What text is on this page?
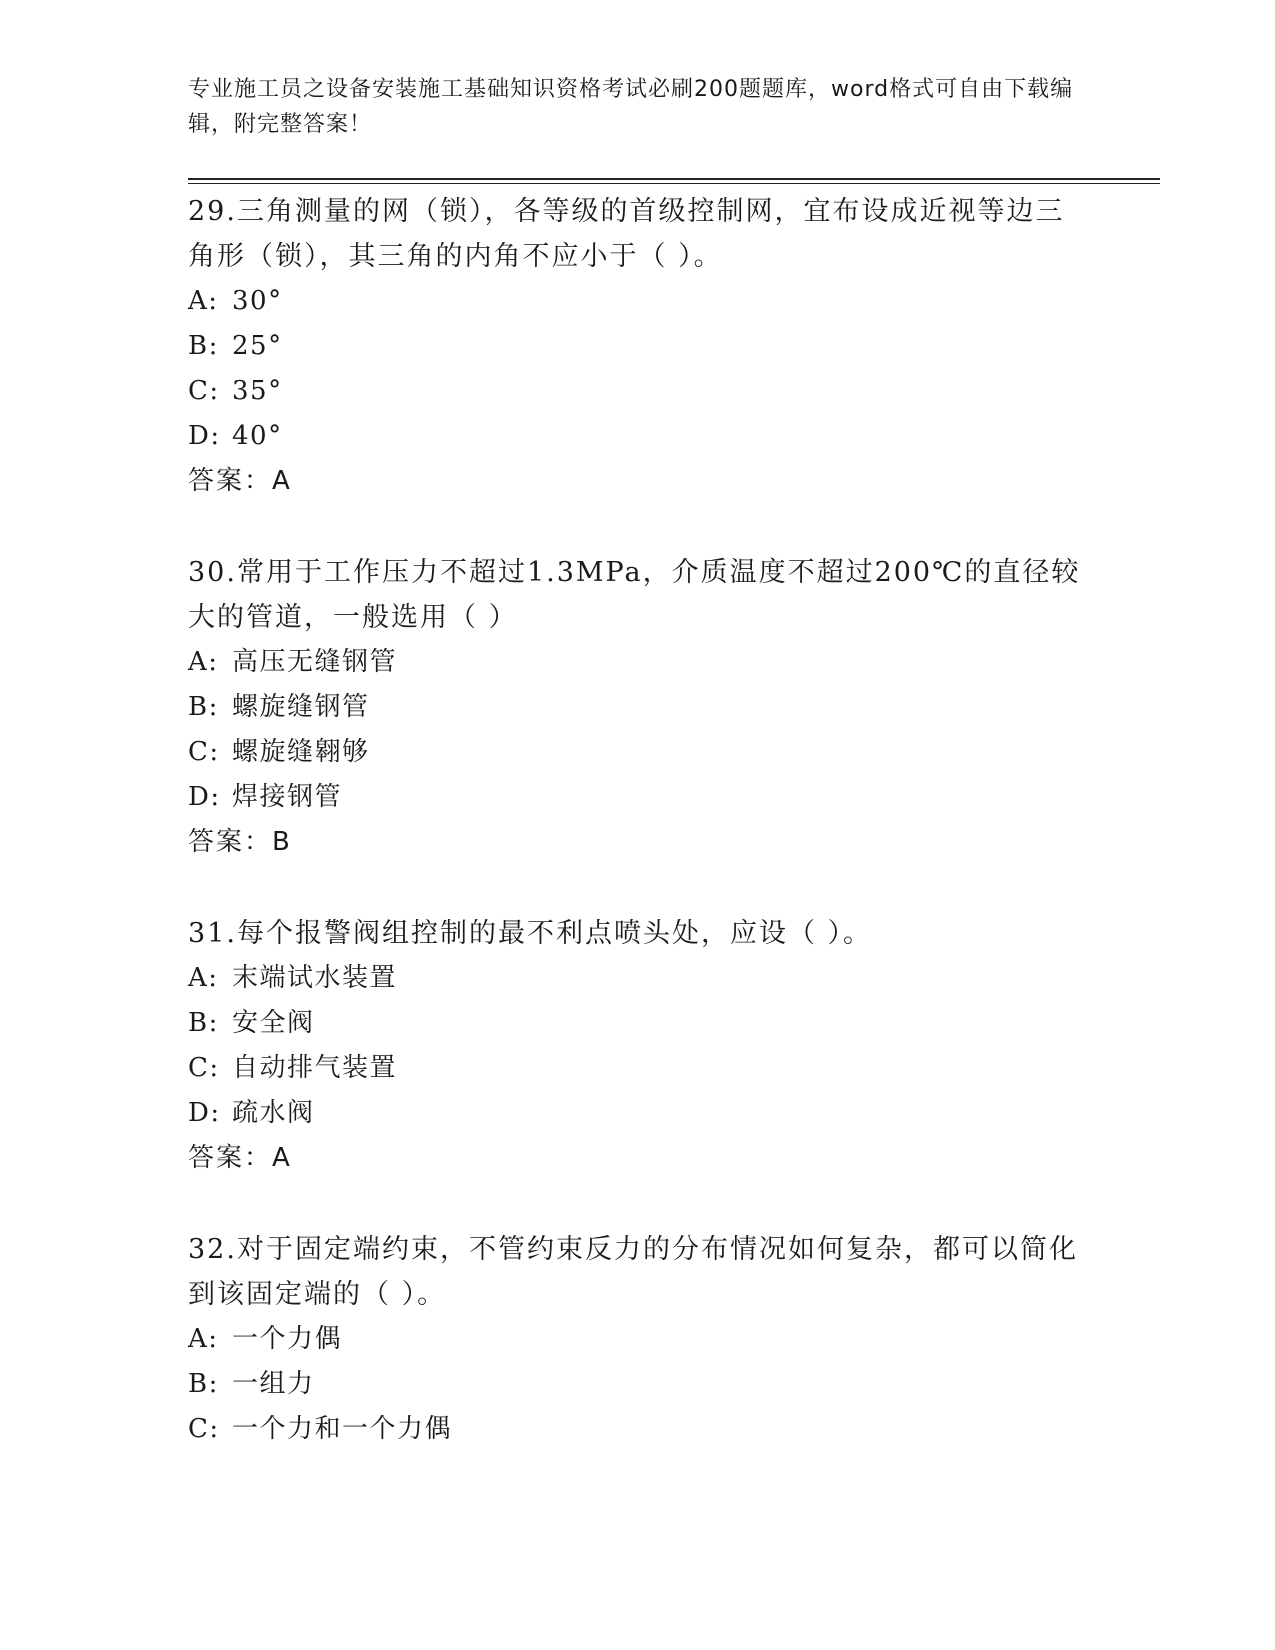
专业施工员之设备安装施工基础知识资格考试必刷200题题库，word格式可自由下载编辑，附完整答案！

29.三角测量的网（锁），各等级的首级控制网，宜布设成近视等边三角形（锁），其三角的内角不应小于（ ）。

A: 30°

B: 25°

C: 35°

D: 40°

答案：A

30.常用于工作压力不超过1.3MPa，介质温度不超过200℃的直径较大的管道，一般选用（ ）

A: 高压无缝钢管

B: 螺旋缝钢管

C: 螺旋缝翱够

D: 焊接钢管

答案：B

31.每个报警阀组控制的最不利点喷头处，应设（ ）。

A: 末端试水装置

B: 安全阀

C: 自动排气装置

D: 疏水阀

答案：A

32.对于固定端约束，不管约束反力的分布情况如何复杂，都可以简化到该固定端的（ ）。

A: 一个力偶

B: 一组力

C: 一个力和一个力偶
